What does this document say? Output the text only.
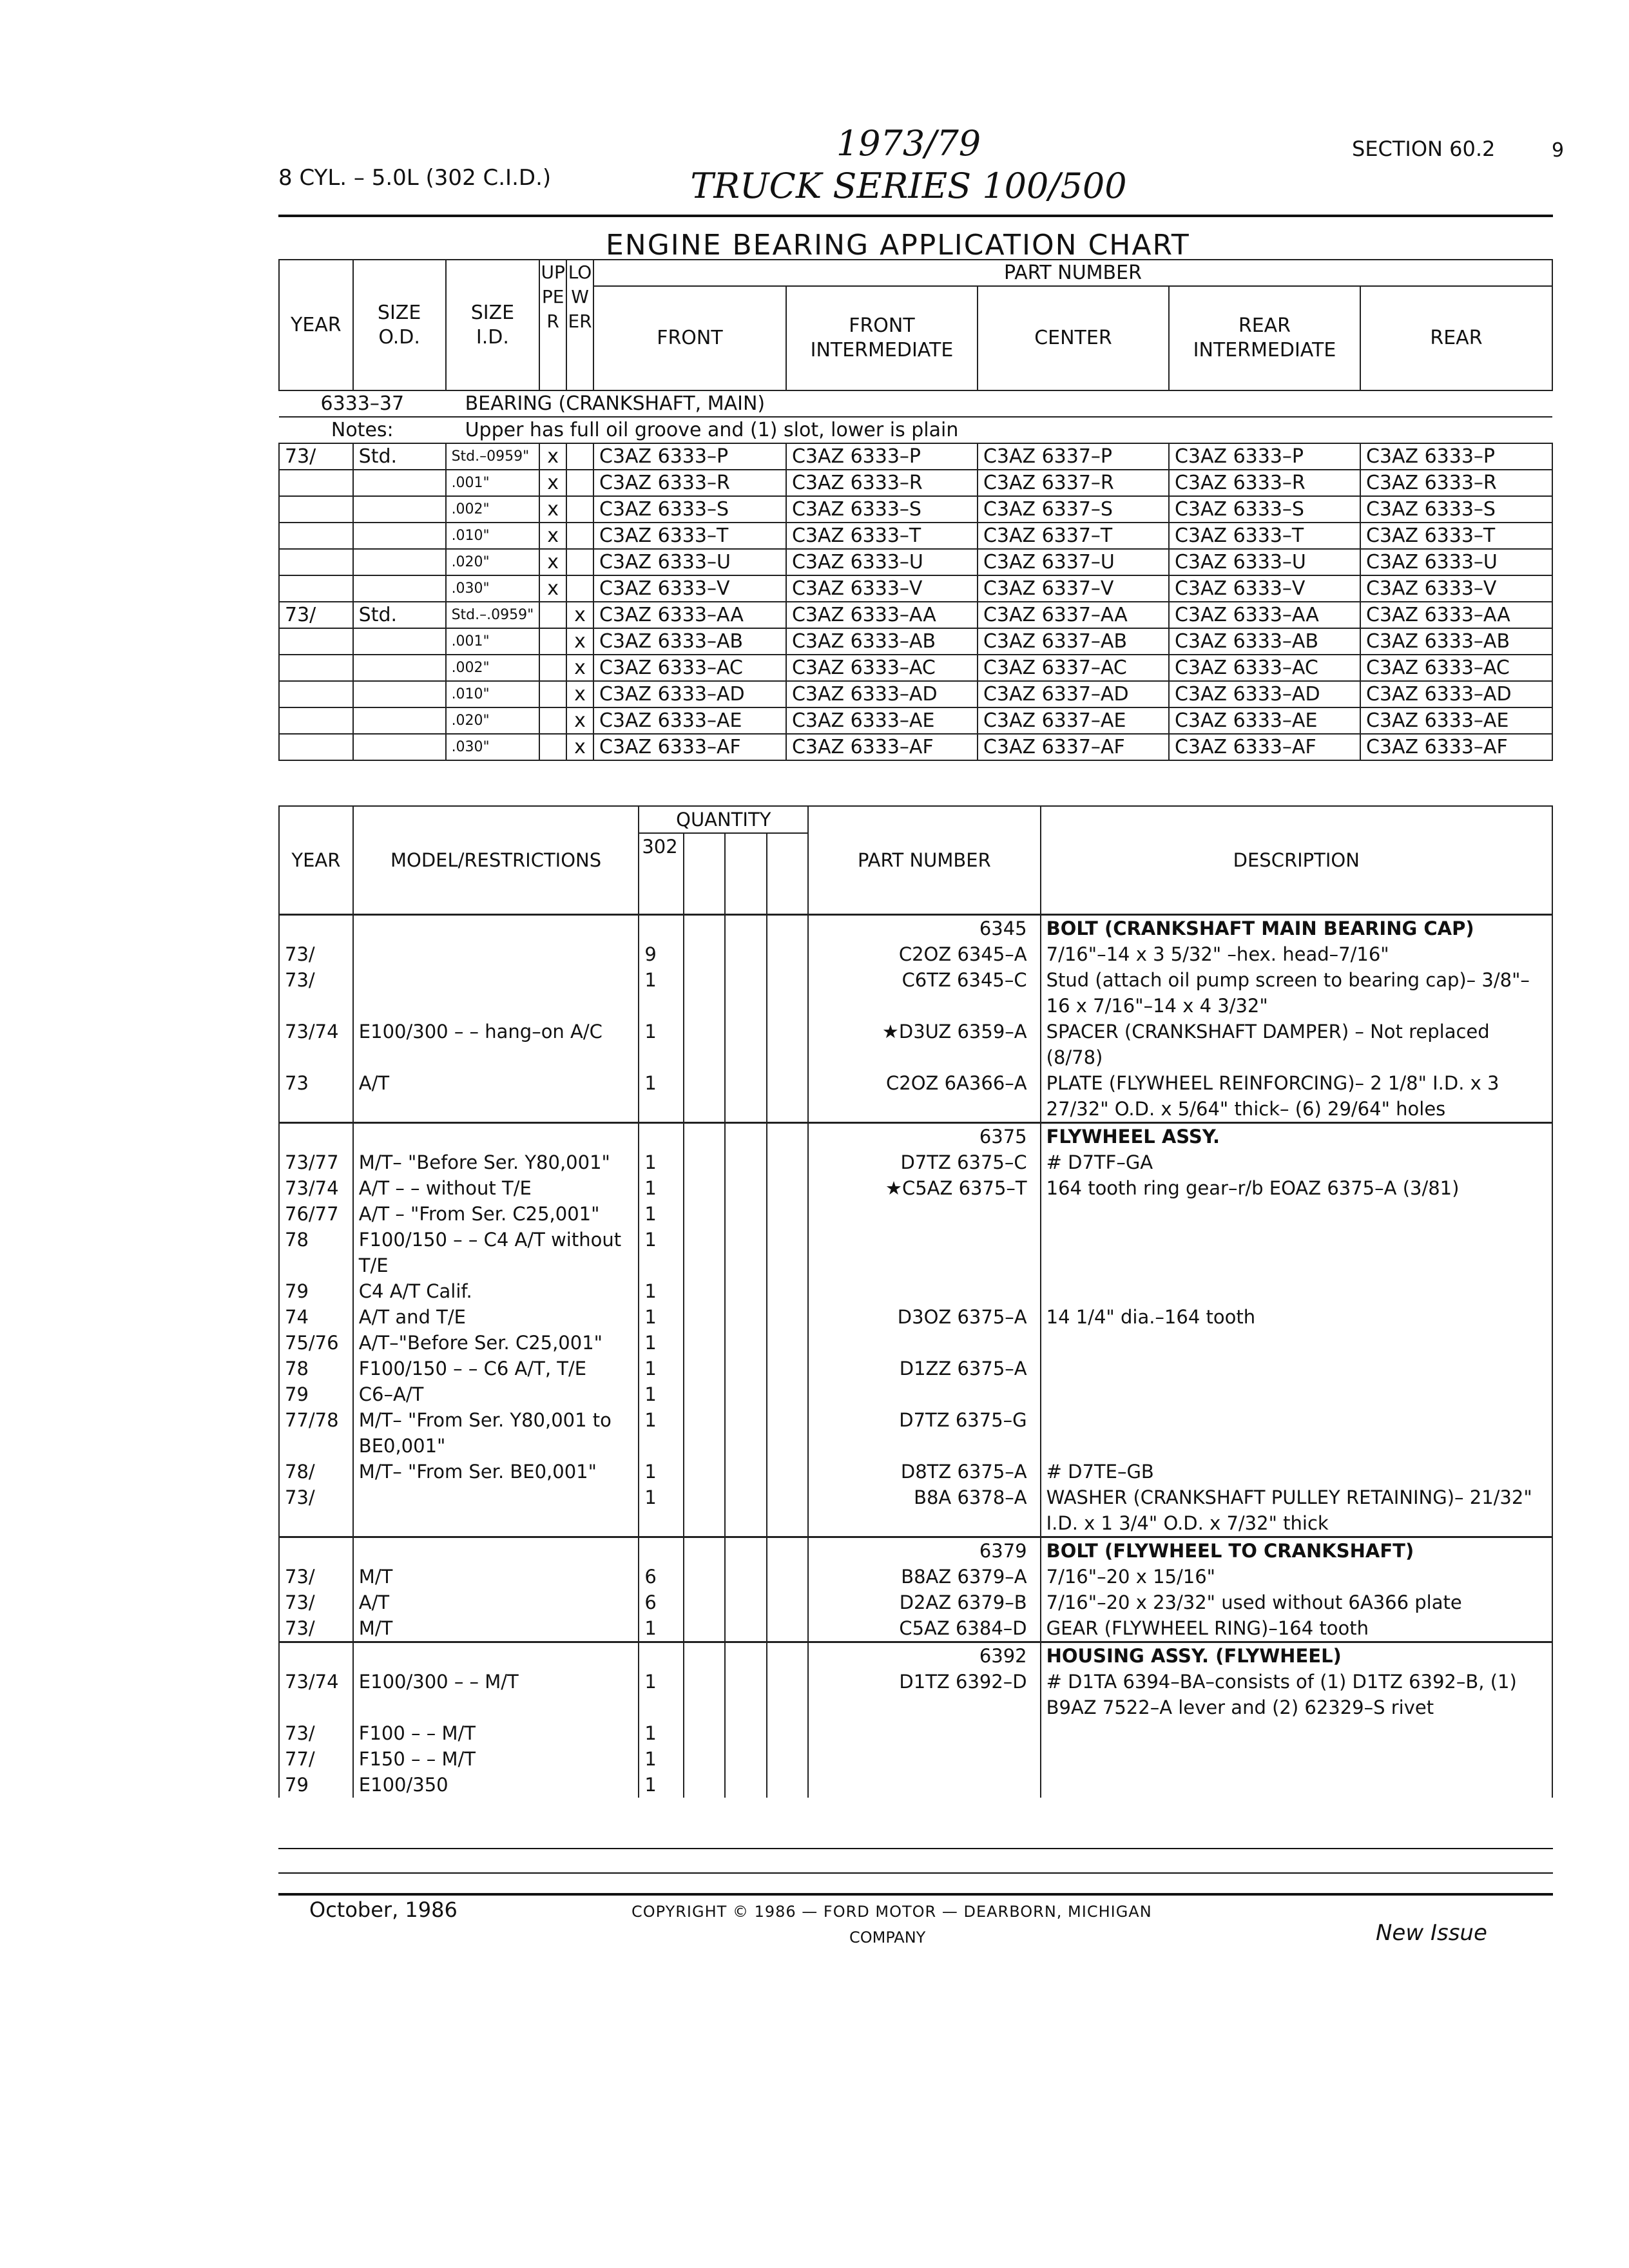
8 CYL. – 5.0L (302 C.I.D.)
1973/79
TRUCK SERIES 100/500
SECTION 60.2	9
ENGINE BEARING APPLICATION CHART
YEAR	SIZE O.D.	SIZE I.D.	UPPER	LOWER	PART NUMBER				
					FRONT	FRONT INTERMEDIATE	CENTER	REAR INTERMEDIATE	REAR
6333–37		BEARING (CRANKSHAFT, MAIN)							
Notes:		Upper has full oil groove and (1) slot, lower is plain							
73/	Std.	Std.–0959"	x		C3AZ 6333–P	C3AZ 6333–P	C3AZ 6337–P	C3AZ 6333–P	C3AZ 6333–P
		.001"	x		C3AZ 6333–R	C3AZ 6333–R	C3AZ 6337–R	C3AZ 6333–R	C3AZ 6333–R
		.002"	x		C3AZ 6333–S	C3AZ 6333–S	C3AZ 6337–S	C3AZ 6333–S	C3AZ 6333–S
		.010"	x		C3AZ 6333–T	C3AZ 6333–T	C3AZ 6337–T	C3AZ 6333–T	C3AZ 6333–T
		.020"	x		C3AZ 6333–U	C3AZ 6333–U	C3AZ 6337–U	C3AZ 6333–U	C3AZ 6333–U
		.030"	x		C3AZ 6333–V	C3AZ 6333–V	C3AZ 6337–V	C3AZ 6333–V	C3AZ 6333–V
73/	Std.	Std.–.0959"		x	C3AZ 6333–AA	C3AZ 6333–AA	C3AZ 6337–AA	C3AZ 6333–AA	C3AZ 6333–AA
		.001"		x	C3AZ 6333–AB	C3AZ 6333–AB	C3AZ 6337–AB	C3AZ 6333–AB	C3AZ 6333–AB
		.002"		x	C3AZ 6333–AC	C3AZ 6333–AC	C3AZ 6337–AC	C3AZ 6333–AC	C3AZ 6333–AC
		.010"		x	C3AZ 6333–AD	C3AZ 6333–AD	C3AZ 6337–AD	C3AZ 6333–AD	C3AZ 6333–AD
		.020"		x	C3AZ 6333–AE	C3AZ 6333–AE	C3AZ 6337–AE	C3AZ 6333–AE	C3AZ 6333–AE
		.030"		x	C3AZ 6333–AF	C3AZ 6333–AF	C3AZ 6337–AF	C3AZ 6333–AF	C3AZ 6333–AF
YEAR	MODEL/RESTRICTIONS	QUANTITY				PART NUMBER	DESCRIPTION
		302					
						6345	BOLT (CRANKSHAFT MAIN BEARING CAP)
73/		9				C2OZ 6345–A	7/16"–14 x 3 5/32" –hex. head–7/16"
73/		1				C6TZ 6345–C	Stud (attach oil pump screen to bearing cap)– 3/8"–16 x 7/16"–14 x 4 3/32"
73/74	E100/300 – – hang–on A/C	1				★D3UZ 6359–A	SPACER (CRANKSHAFT DAMPER) – Not replaced (8/78)
73	A/T	1				C2OZ 6A366–A	PLATE (FLYWHEEL REINFORCING)– 2 1/8" I.D. x 3 27/32" O.D. x 5/64" thick– (6) 29/64" holes
						6375	FLYWHEEL ASSY.
73/77	M/T– "Before Ser. Y80,001"	1				D7TZ 6375–C	# D7TF–GA
73/74	A/T – – without T/E	1				★C5AZ 6375–T	164 tooth ring gear–r/b EOAZ 6375–A (3/81)
76/77	A/T – "From Ser. C25,001"	1					
78	F100/150 – – C4 A/T without T/E	1					
79	C4 A/T Calif.	1					
74	A/T and T/E	1				D3OZ 6375–A	14 1/4" dia.–164 tooth
75/76	A/T–"Before Ser. C25,001"	1					
78	F100/150 – – C6 A/T, T/E	1				D1ZZ 6375–A	
79	C6–A/T	1					
77/78	M/T– "From Ser. Y80,001 to BE0,001"	1				D7TZ 6375–G	
78/	M/T– "From Ser. BE0,001"	1				D8TZ 6375–A	# D7TE–GB
73/		1				B8A 6378–A	WASHER (CRANKSHAFT PULLEY RETAINING)– 21/32" I.D. x 1 3/4" O.D. x 7/32" thick
						6379	BOLT (FLYWHEEL TO CRANKSHAFT)
73/	M/T	6				B8AZ 6379–A	7/16"–20 x 15/16"
73/	A/T	6				D2AZ 6379–B	7/16"–20 x 23/32" used without 6A366 plate
73/	M/T	1				C5AZ 6384–D	GEAR (FLYWHEEL RING)–164 tooth
						6392	HOUSING ASSY. (FLYWHEEL)
73/74	E100/300 – – M/T	1				D1TZ 6392–D	# D1TA 6394–BA–consists of (1) D1TZ 6392–B, (1) B9AZ 7522–A lever and (2) 62329–S rivet
73/	F100 – – M/T	1					
77/	F150 – – M/T	1					
79	E100/350	1					
October, 1986	COPYRIGHT © 1986 — FORD MOTOR — DEARBORN, MICHIGAN
COMPANY	New Issue
